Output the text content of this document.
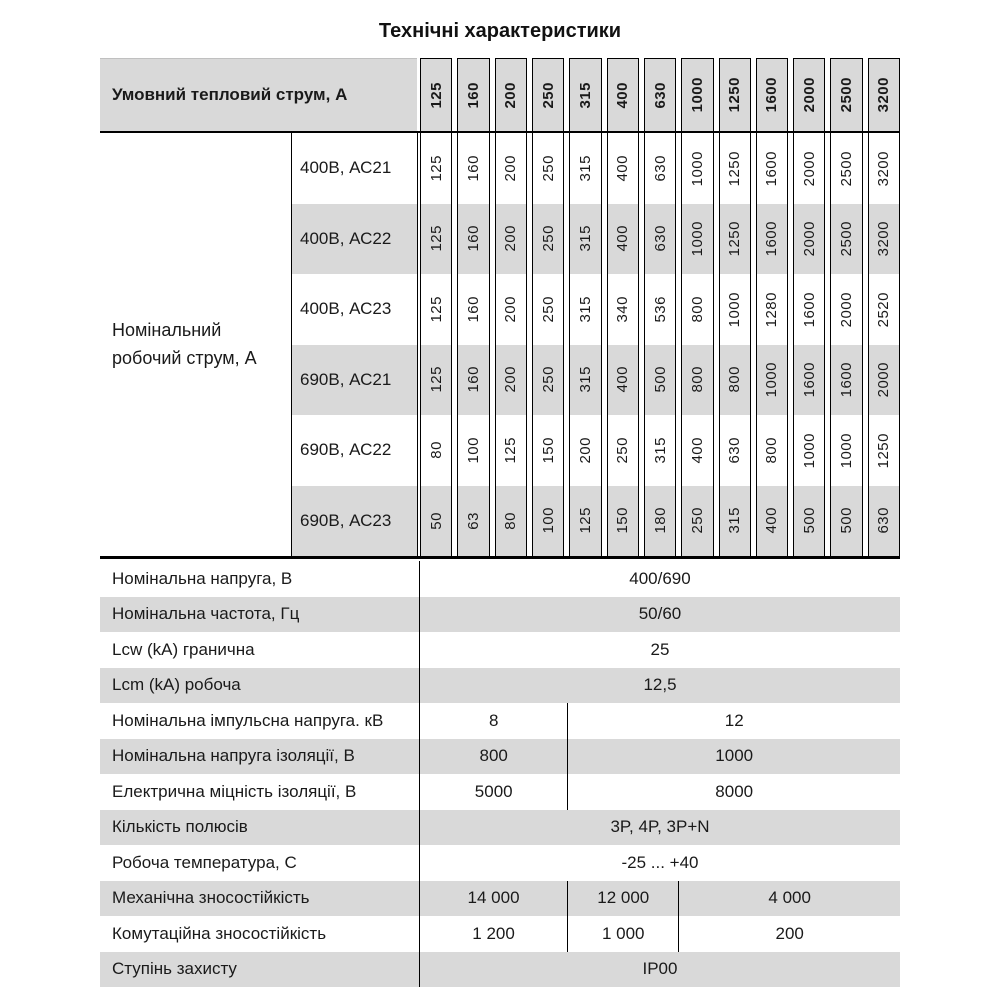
Технічні характеристики
Умовний тепловий струм, А	125 160 200 250 315 400 630 1000 1250 1600 2000 2500 3200
Номінальний робочий струм, А
400В, АС21	125 160 200 250 315 400 630 1000 1250 1600 2000 2500 3200
400В, АС22	125 160 200 250 315 400 630 1000 1250 1600 2000 2500 3200
400В, АС23	125 160 200 250 315 340 536 800 1000 1280 1600 2000 2520
690В, АС21	125 160 200 250 315 400 500 800 800 1000 1600 1600 2000
690В, АС22	80 100 125 150 200 250 315 400 630 800 1000 1000 1250
690В, АС23	50 63 80 100 125 150 180 250 315 400 500 500 630
Номінальна напруга, В	400/690
Номінальна частота, Гц	50/60
Lcw (kA) гранична	25
Lcm (kA) робоча	12,5
Номінальна імпульсна напруга. кВ	8	12
Номінальна напруга ізоляції, В	800	1000
Електрична міцність ізоляції, В	5000	8000
Кількість полюсів	3P, 4P, 3P+N
Робоча температура, С	-25 ... +40
Механічна зносостійкість	14 000	12 000	4 000
Комутаційна зносостійкість	1 200	1 000	200
Ступінь захисту	IP00
